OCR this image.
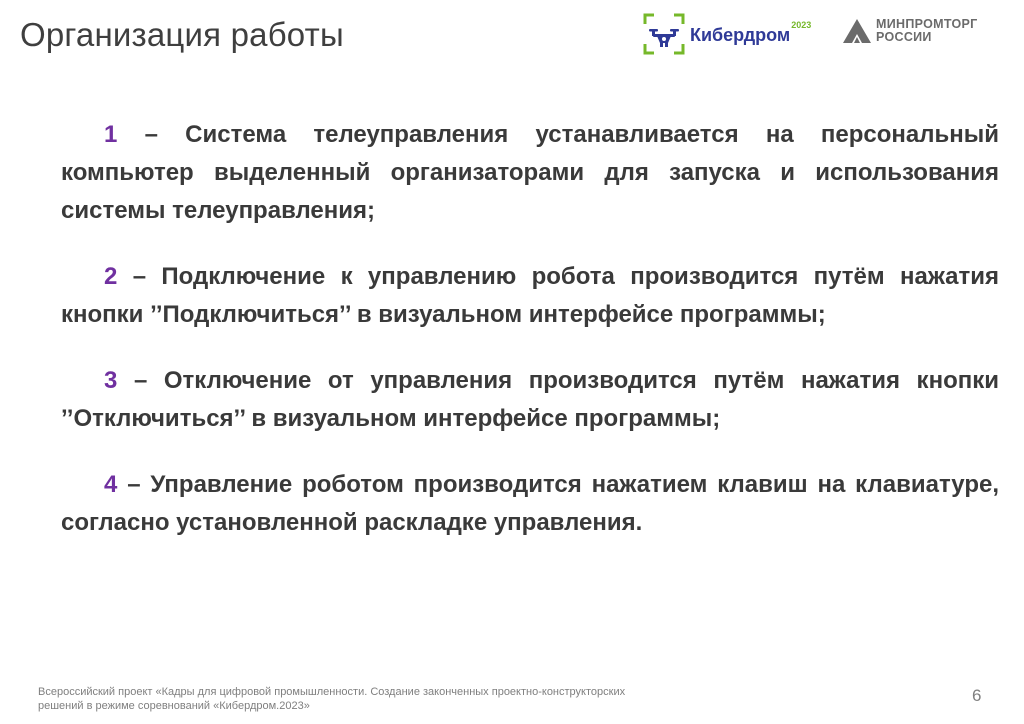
Организация работы	Кибердром 2023	МИНПРОМТОРГ
РОССИИ

1 – Система телеуправления устанавливается на персональный компьютер выделенный организаторами для запуска и использования системы телеуправления;

2 – Подключение к управлению робота производится путём нажатия кнопки ’’Подключиться’’ в визуальном интерфейсе программы;

3 – Отключение от управления производится путём нажатия кнопки ’’Отключиться’’ в визуальном интерфейсе программы;

4 – Управление роботом производится нажатием клавиш на клавиатуре, согласно установленной раскладке управления.

Всероссийский проект «Кадры для цифровой промышленности. Создание законченных проектно-конструкторских
решений в режиме соревнований «Кибердром.2023»
6
